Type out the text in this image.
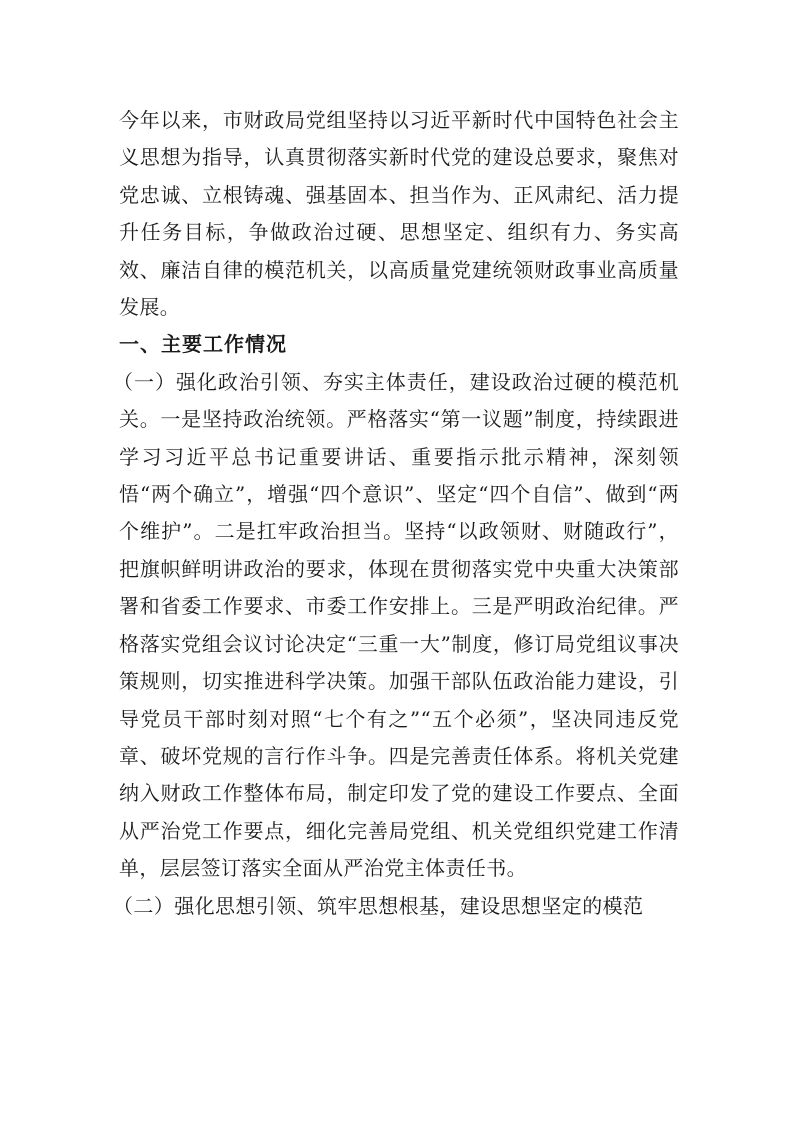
今年以来，市财政局党组坚持以习近平新时代中国特色社会主义思想为指导，认真贯彻落实新时代党的建设总要求，聚焦对党忠诚、立根铸魂、强基固本、担当作为、正风肃纪、活力提升任务目标，争做政治过硬、思想坚定、组织有力、务实高效、廉洁自律的模范机关，以高质量党建统领财政事业高质量发展。

一、主要工作情况

（一）强化政治引领、夯实主体责任，建设政治过硬的模范机关。一是坚持政治统领。严格落实“第一议题”制度，持续跟进学习习近平总书记重要讲话、重要指示批示精神，深刻领悟“两个确立”，增强“四个意识”、坚定“四个自信”、做到“两个维护”。二是扛牢政治担当。坚持“以政领财、财随政行”，把旗帜鲜明讲政治的要求，体现在贯彻落实党中央重大决策部署和省委工作要求、市委工作安排上。三是严明政治纪律。严格落实党组会议讨论决定“三重一大”制度，修订局党组议事决策规则，切实推进科学决策。加强干部队伍政治能力建设，引导党员干部时刻对照“七个有之”“五个必须”，坚决同违反党章、破坏党规的言行作斗争。四是完善责任体系。将机关党建纳入财政工作整体布局，制定印发了党的建设工作要点、全面从严治党工作要点，细化完善局党组、机关党组织党建工作清单，层层签订落实全面从严治党主体责任书。

（二）强化思想引领、筑牢思想根基，建设思想坚定的模范
